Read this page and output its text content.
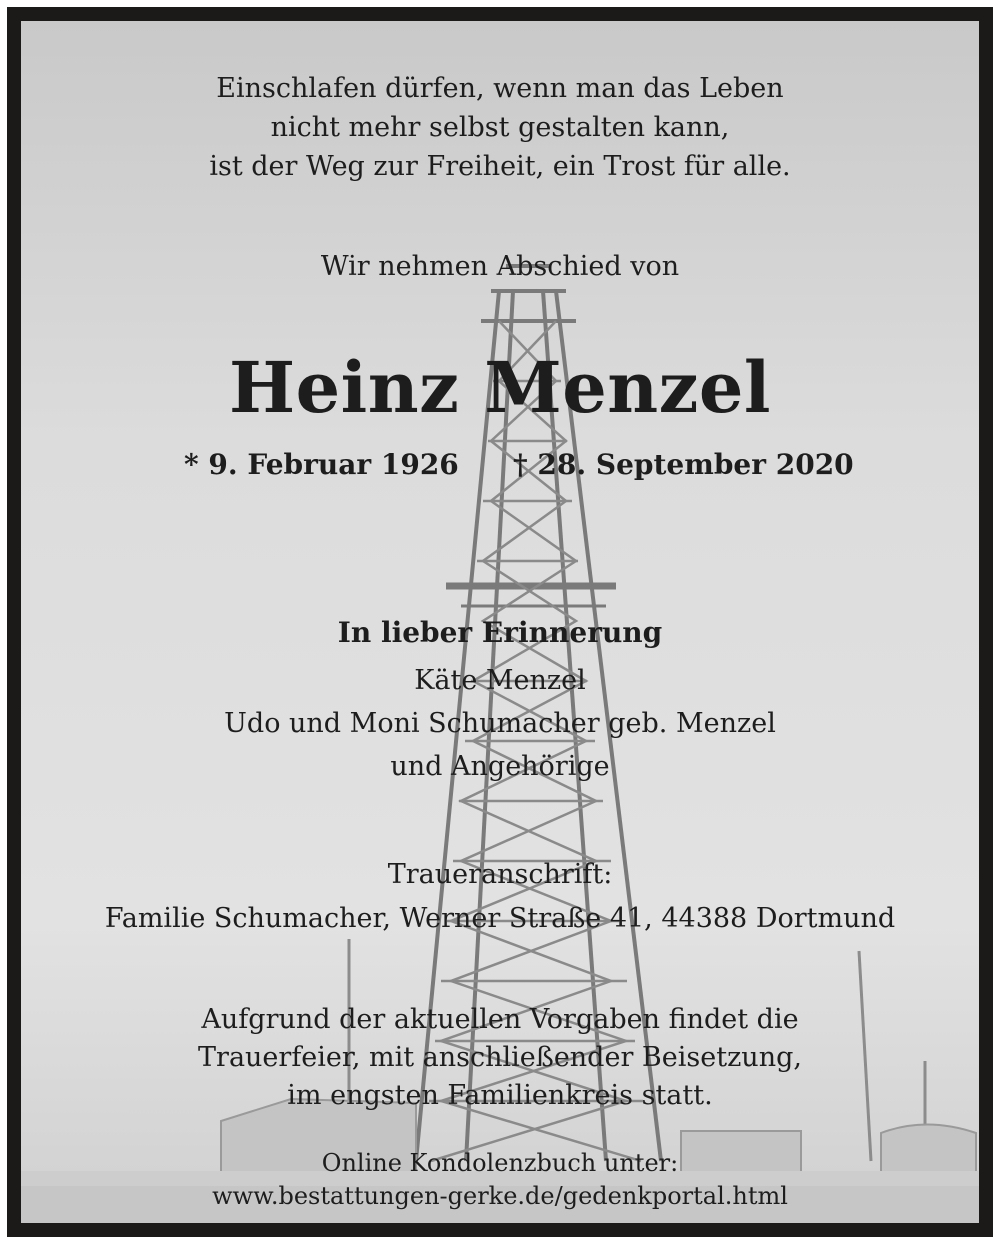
Einschlafen dürfen, wenn man das Leben
nicht mehr selbst gestalten kann,
ist der Weg zur Freiheit, ein Trost für alle.
Wir nehmen Abschied von
Heinz Menzel
* 9. Februar 1926 † 28. September 2020
In lieber Erinnerung
Käte Menzel
Udo und Moni Schumacher geb. Menzel
und Angehörige
Traueranschrift:
Familie Schumacher, Werner Straße 41, 44388 Dortmund
Aufgrund der aktuellen Vorgaben findet die
Trauerfeier, mit anschließender Beisetzung,
im engsten Familienkreis statt.
Online Kondolenzbuch unter:
www.bestattungen-gerke.de/gedenkportal.html
